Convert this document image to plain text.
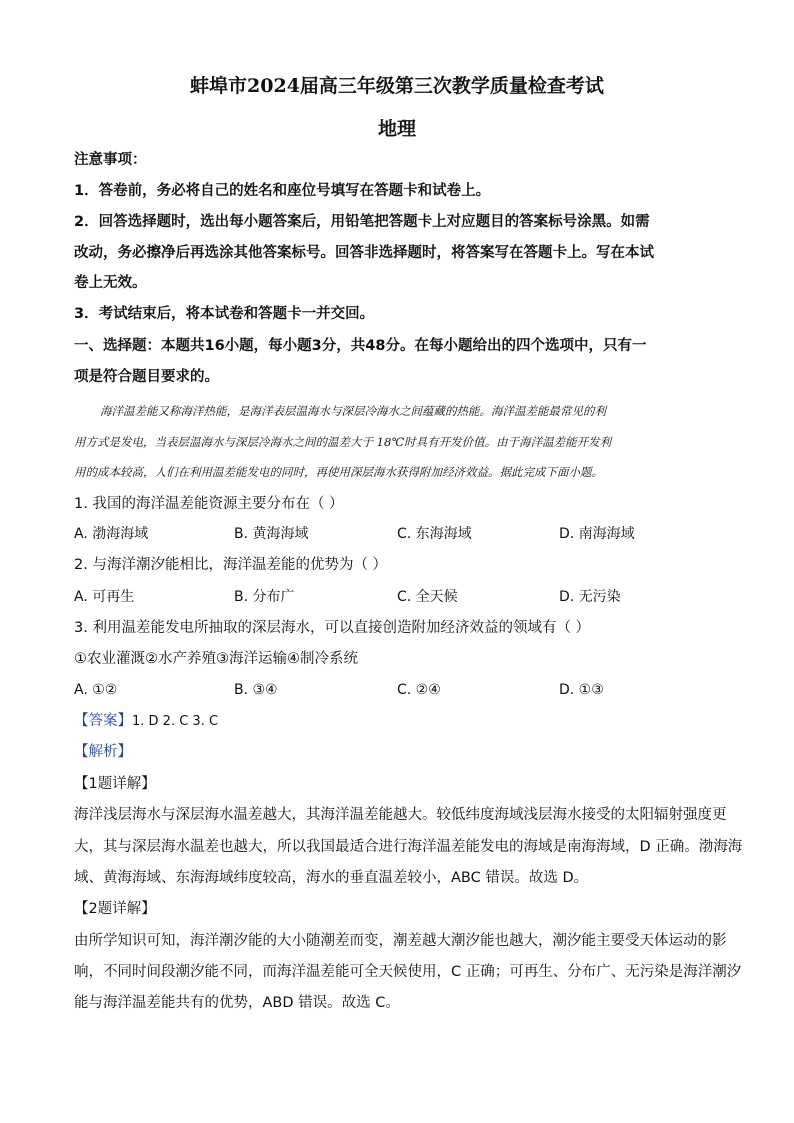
蚌埠市2024届高三年级第三次教学质量检查考试
地理
注意事项：
1．答卷前，务必将自己的姓名和座位号填写在答题卡和试卷上。
2．回答选择题时，选出每小题答案后，用铅笔把答题卡上对应题目的答案标号涂黑。如需
改动，务必擦净后再选涂其他答案标号。回答非选择题时，将答案写在答题卡上。写在本试
卷上无效。
3．考试结束后，将本试卷和答题卡一并交回。
一、选择题：本题共16小题，每小题3分，共48分。在每小题给出的四个选项中，只有一
项是符合题目要求的。
海洋温差能又称海洋热能，是海洋表层温海水与深层冷海水之间蕴藏的热能。海洋温差能最常见的利
用方式是发电，当表层温海水与深层冷海水之间的温差大于 18℃时具有开发价值。由于海洋温差能开发利
用的成本较高，人们在利用温差能发电的同时，再使用深层海水获得附加经济效益。据此完成下面小题。
1. 我国的海洋温差能资源主要分布在（ ）
A. 渤海海域	B. 黄海海域	C. 东海海域	D. 南海海域
2. 与海洋潮汐能相比，海洋温差能的优势为（ ）
A. 可再生	B. 分布广	C. 全天候	D. 无污染
3. 利用温差能发电所抽取的深层海水，可以直接创造附加经济效益的领域有（ ）
①农业灌溉②水产养殖③海洋运输④制冷系统
A. ①②	B. ③④	C. ②④	D. ①③
【答案】1. D 2. C 3. C
【解析】
【1题详解】
海洋浅层海水与深层海水温差越大，其海洋温差能越大。较低纬度海域浅层海水接受的太阳辐射强度更
大，其与深层海水温差也越大，所以我国最适合进行海洋温差能发电的海域是南海海域，D 正确。渤海海
域、黄海海域、东海海域纬度较高，海水的垂直温差较小，ABC 错误。故选 D。
【2题详解】
由所学知识可知，海洋潮汐能的大小随潮差而变，潮差越大潮汐能也越大，潮汐能主要受天体运动的影
响，不同时间段潮汐能不同，而海洋温差能可全天候使用，C 正确；可再生、分布广、无污染是海洋潮汐
能与海洋温差能共有的优势，ABD 错误。故选 C。
